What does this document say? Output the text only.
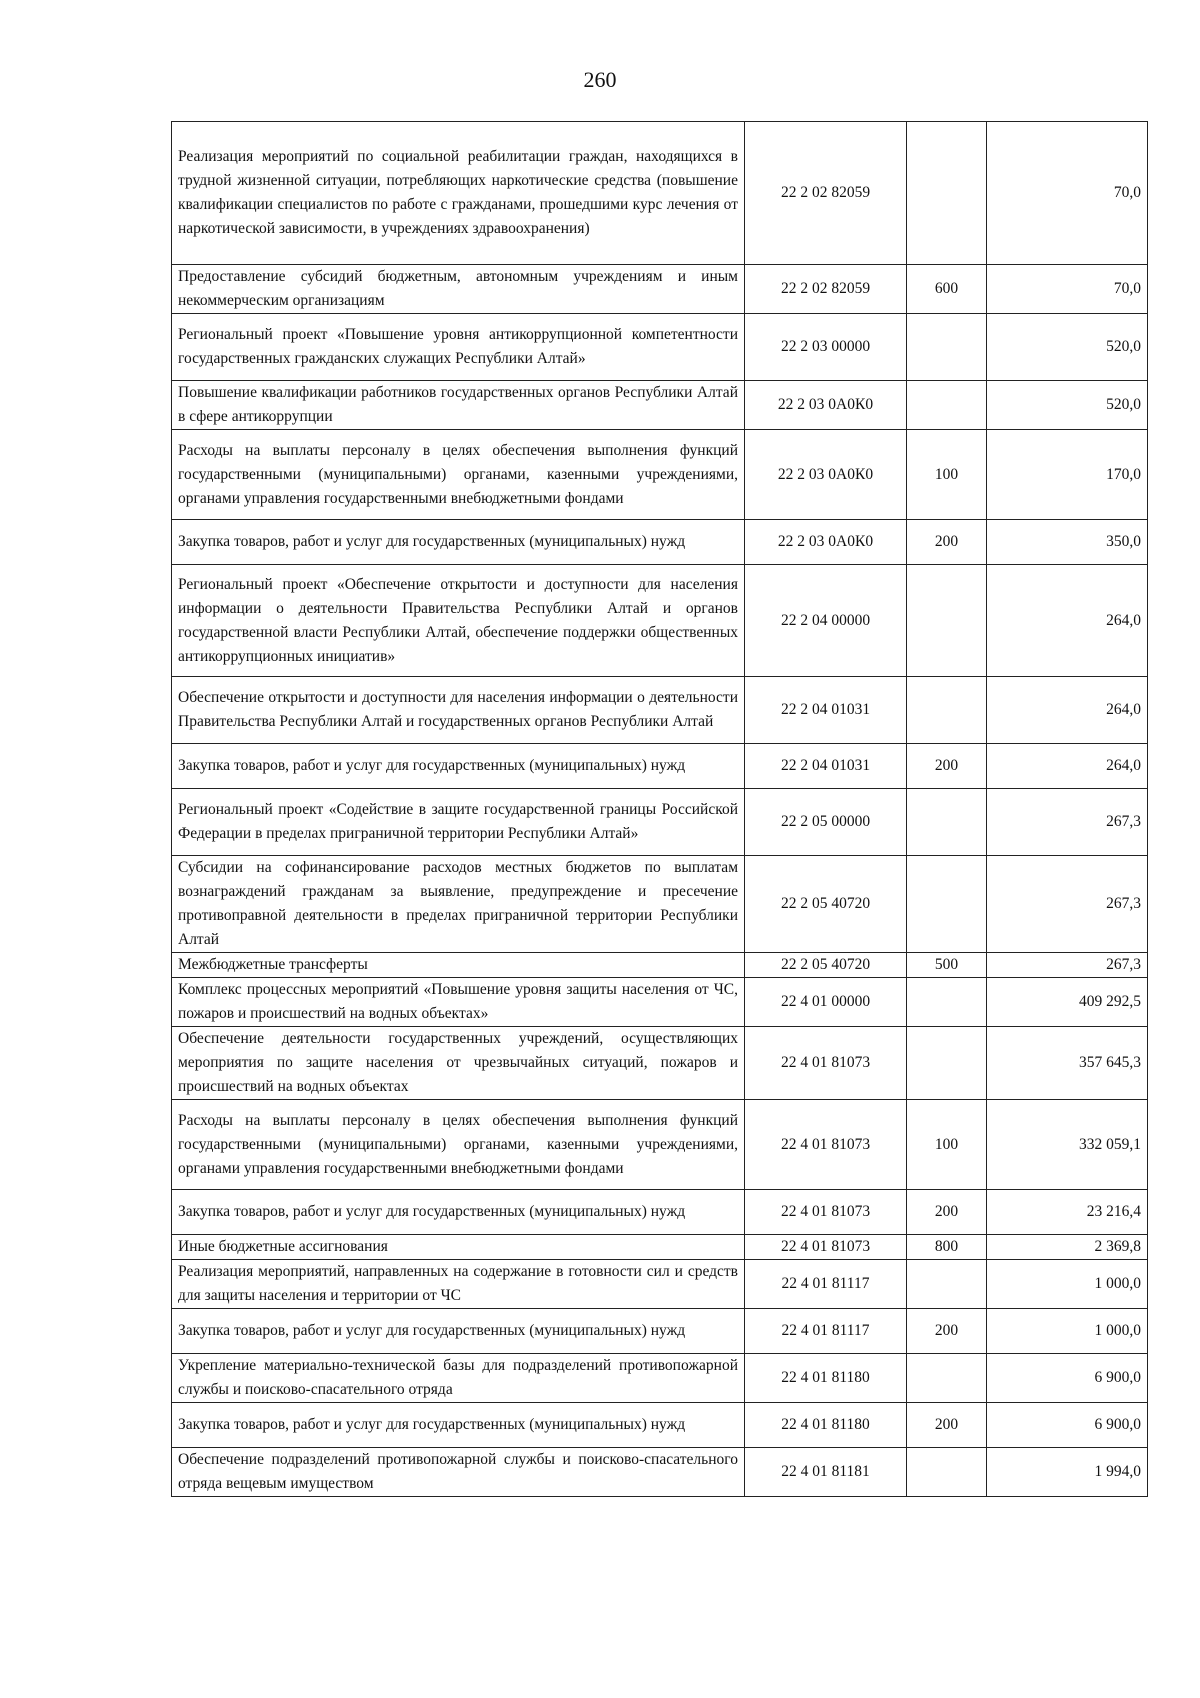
260
Реализация мероприятий по социальной реабилитации граждан, находящихся в трудной жизненной ситуации, потребляющих наркотические средства (повышение квалификации специалистов по работе с гражданами, прошедшими курс лечения от наркотической зависимости, в учреждениях здравоохранения)	22 2 02 82059		70,0
Предоставление субсидий бюджетным, автономным учреждениям и иным некоммерческим организациям	22 2 02 82059	600	70,0
Региональный проект «Повышение уровня антикоррупционной компетентности государственных гражданских служащих Республики Алтай»	22 2 03 00000		520,0
Повышение квалификации работников государственных органов Республики Алтай в сфере антикоррупции	22 2 03 0А0К0		520,0
Расходы на выплаты персоналу в целях обеспечения выполнения функций государственными (муниципальными) органами, казенными учреждениями, органами управления государственными внебюджетными фондами	22 2 03 0А0К0	100	170,0
Закупка товаров, работ и услуг для государственных (муниципальных) нужд	22 2 03 0А0К0	200	350,0
Региональный проект «Обеспечение открытости и доступности для населения информации о деятельности Правительства Республики Алтай и органов государственной власти Республики Алтай, обеспечение поддержки общественных антикоррупционных инициатив»	22 2 04 00000		264,0
Обеспечение открытости и доступности для населения информации о деятельности Правительства Республики Алтай и государственных органов Республики Алтай	22 2 04 01031		264,0
Закупка товаров, работ и услуг для государственных (муниципальных) нужд	22 2 04 01031	200	264,0
Региональный проект «Содействие в защите государственной границы Российской Федерации в пределах приграничной территории Республики Алтай»	22 2 05 00000		267,3
Субсидии на софинансирование расходов местных бюджетов по выплатам вознаграждений гражданам за выявление, предупреждение и пресечение противоправной деятельности в пределах приграничной территории Республики Алтай	22 2 05 40720		267,3
Межбюджетные трансферты	22 2 05 40720	500	267,3
Комплекс процессных мероприятий «Повышение уровня защиты населения от ЧС, пожаров и происшествий на водных объектах»	22 4 01 00000		409 292,5
Обеспечение деятельности государственных учреждений, осуществляющих мероприятия по защите населения от чрезвычайных ситуаций, пожаров и происшествий на водных объектах	22 4 01 81073		357 645,3
Расходы на выплаты персоналу в целях обеспечения выполнения функций государственными (муниципальными) органами, казенными учреждениями, органами управления государственными внебюджетными фондами	22 4 01 81073	100	332 059,1
Закупка товаров, работ и услуг для государственных (муниципальных) нужд	22 4 01 81073	200	23 216,4
Иные бюджетные ассигнования	22 4 01 81073	800	2 369,8
Реализация мероприятий, направленных на содержание в готовности сил и средств для защиты населения и территории от ЧС	22 4 01 81117		1 000,0
Закупка товаров, работ и услуг для государственных (муниципальных) нужд	22 4 01 81117	200	1 000,0
Укрепление материально-технической базы для подразделений противопожарной службы и поисково-спасательного отряда	22 4 01 81180		6 900,0
Закупка товаров, работ и услуг для государственных (муниципальных) нужд	22 4 01 81180	200	6 900,0
Обеспечение подразделений противопожарной службы и поисково-спасательного отряда вещевым имуществом	22 4 01 81181		1 994,0
